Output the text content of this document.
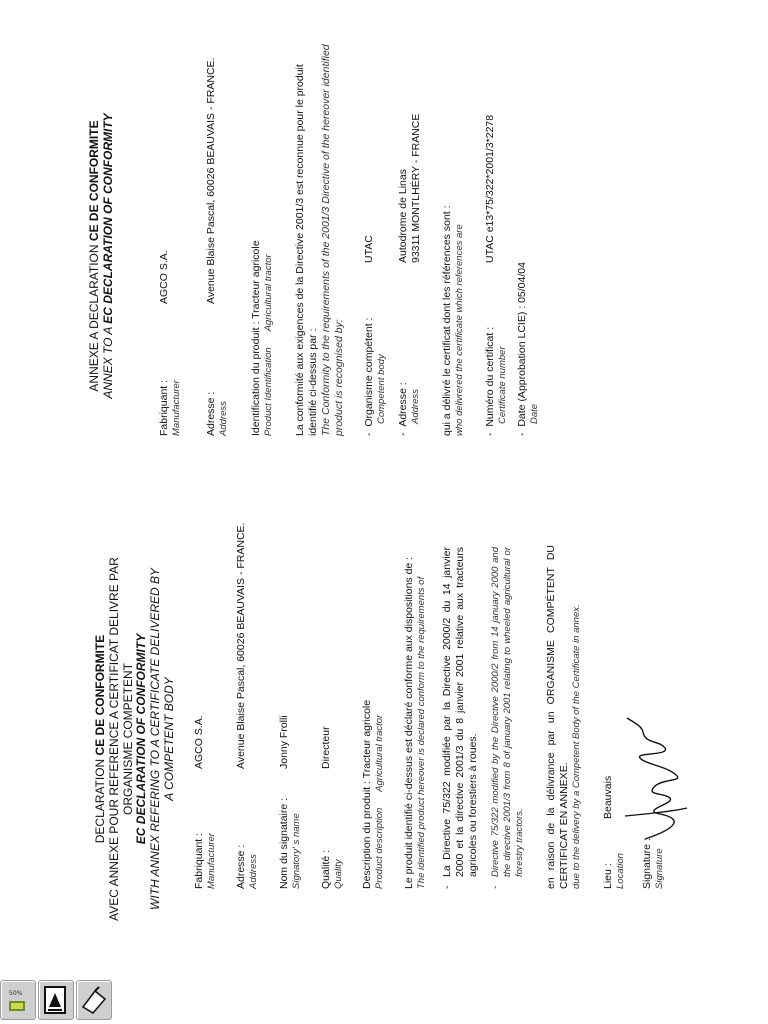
50%
DECLARATION CE DE CONFORMITE AVEC ANNEXE POUR REFERENCE A CERTIFICAT DELIVRE PAR ORGANISME COMPETENT EC DECLARATION OF CONFORMITY WITH ANNEX REFERING TO A CERTIFICATE DELIVERED BY A COMPETENT BODY
Fabriquant : Manufacturer
AGCO S.A.
Adresse : Address
Avenue Blaise Pascal, 60026 BEAUVAIS - FRANCE.
Nom du signataire : Signatory' s name
Jonny Frolli
Qualité : Quality
Directeur
Description du produit : Tracteur agricole
Product description      Agricultural tractor Le produit identifié ci-dessus est déclaré conforme aux dispositions de : The identified product hereover is declared conform to the requirements of -
La Directive 75/322 modifiée par la Directive 2000/2 du 14 janvier 2000 et la directive 2001/3 du 8 janvier 2001 relative aux tracteurs agricoles ou forestiers à roues.
-
Directive 75/322 modified by the Directive 2000/2 from 14 january 2000 and the directive 2001/3 from 8 of january 2001 relating to wheeled agricultural or forestry tractors. en raison de la délivrance par un ORGANISME COMPÉTENT DU CERTIFICAT EN ANNEXE. due to the delivery by a Competent Body of the Certificate in annex. Lieu : Location
Beauvais
Signature : Signature
ANNEXE A DECLARATION CE DE CONFORMITE
ANNEX TO A EC DECLARATION OF CONFORMITY
Fabriquant : Manufacturer
AGCO S.A.
Adresse : Address
Avenue Blaise Pascal, 60026 BEAUVAIS - FRANCE.
Identification du produit : Tracteur agricole
Product Identification      Agricultural tractor La conformité aux exigences de la Directive 2001/3 est reconnue pour le produit identifié ci-dessus par : The Conformity to the requirements of the 2001/3 Directive of the hereover identified product is recognised by: -  Organisme compétent : Competent body
UTAC
-  Adresse : Address
Autodrome de Linas 93311 MONTLHÉRY - FRANCE
qui a délivré le certificat dont les références sont : who delivrered the certificate which references are -  Numéro du certificat : Certificate number
UTAC e13*75/322*2001/3*2278
-  Date (Approbation LCIE) : 05/04/04
Date
